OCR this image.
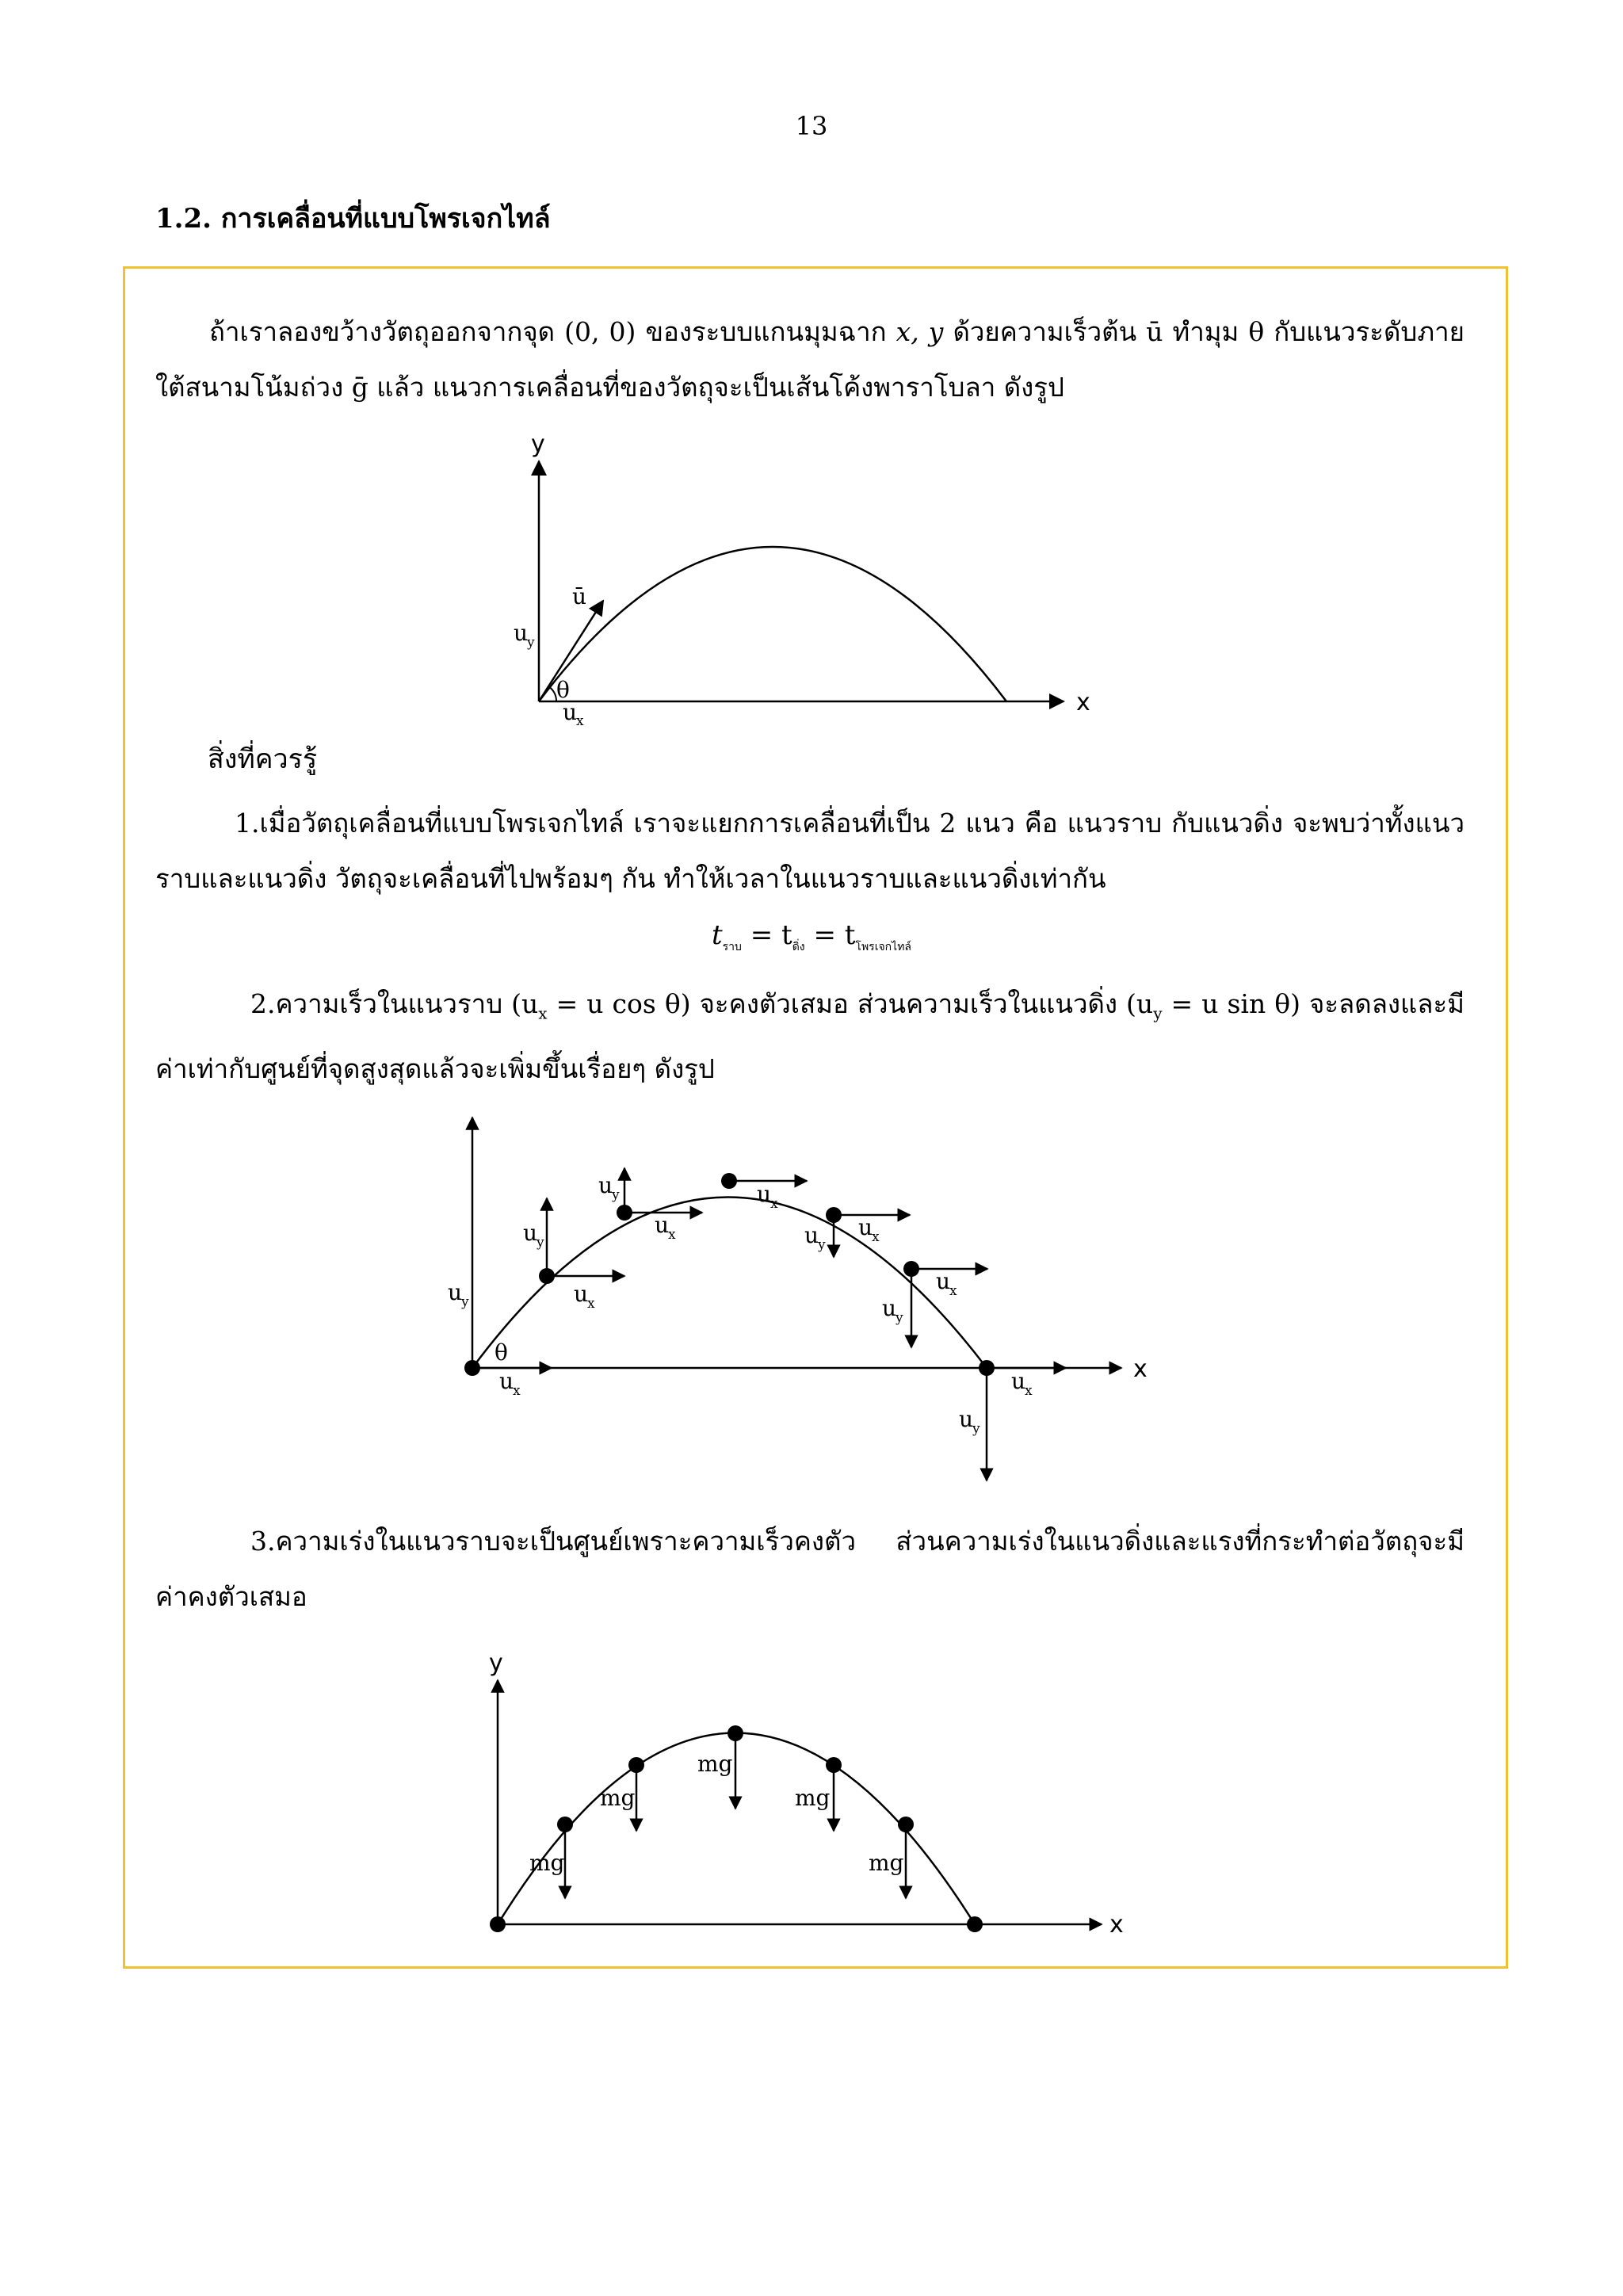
13
1.2. การเคลื่อนที่แบบโพรเจกไทล์

ถ้าเราลองขว้างวัตถุออกจากจุด (0, 0) ของระบบแกนมุมฉาก x, y ด้วยความเร็วต้น ū ทำมุม θ กับแนวระดับภายใต้สนามโน้มถ่วง ḡ แล้ว แนวการเคลื่อนที่ของวัตถุจะเป็นเส้นโค้งพาราโบลา ดังรูป

y
x
ū
u
y
θ
u
x
สิ่งที่ควรรู้

1.เมื่อวัตถุเคลื่อนที่แบบโพรเจกไทล์ เราจะแยกการเคลื่อนที่เป็น 2 แนว คือ แนวราบ กับแนวดิ่ง จะพบว่าทั้งแนวราบและแนวดิ่ง วัตถุจะเคลื่อนที่ไปพร้อมๆ กัน ทำให้เวลาในแนวราบและแนวดิ่งเท่ากัน

$t_{ราบ} = t_{ดิ่ง} = t_{โพรเจกไทล์}$

2.ความเร็วในแนวราบ ($u_x = u$ cos θ) จะคงตัวเสมอ ส่วนความเร็วในแนวดิ่ง ($u_y = u$ sin θ) จะลดลงและมีค่าเท่ากับศูนย์ที่จุดสูงสุดแล้วจะเพิ่มขึ้นเรื่อยๆ ดังรูป

x
θ
u
y
u
x
u
y
u
x
u
y
u
x
u
x
u
y
u
x
u
y
u
x
u
y
u
x

3.ความเร่งในแนวราบจะเป็นศูนย์เพราะความเร็วคงตัว ส่วนความเร่งในแนวดิ่งและแรงที่กระทำต่อวัตถุจะมีค่าคงตัวเสมอ

y
x
mg
mg
mg
mg
mg
